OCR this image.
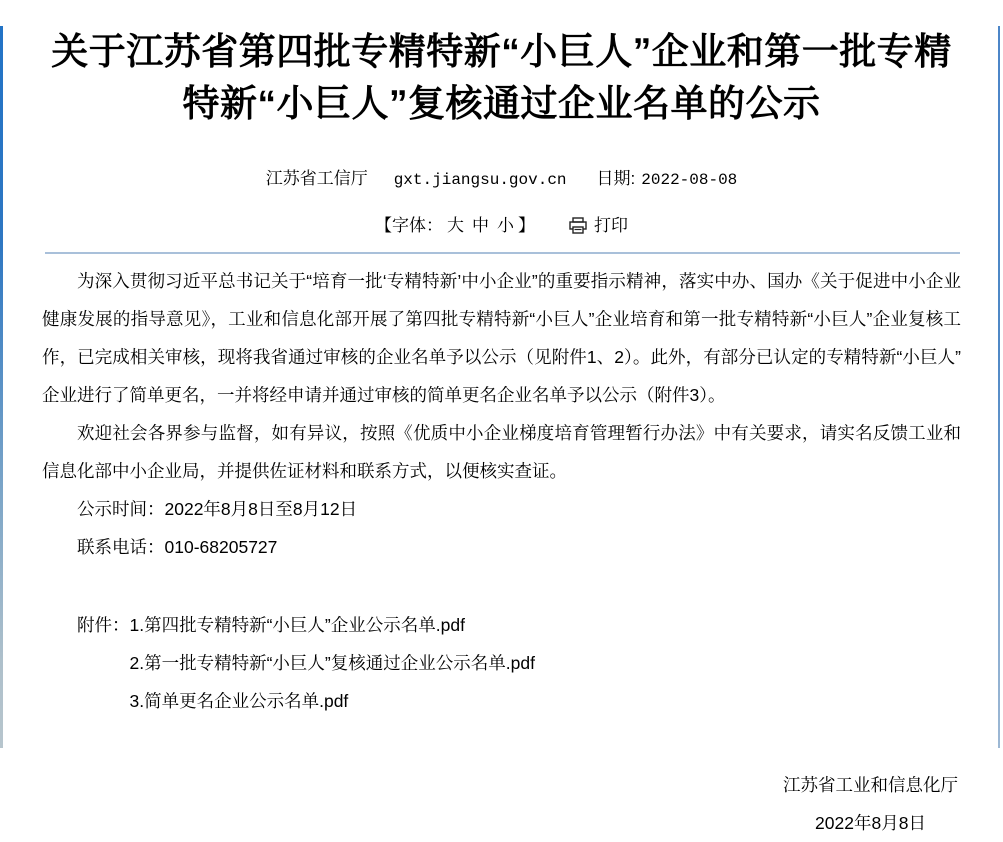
关于江苏省第四批专精特新“小巨人”企业和第一批专精特新“小巨人”复核通过企业名单的公示
江苏省工信厅 gxt.jiangsu.gov.cn 日期: 2022-08-08
【字体： 大 中 小 】	打印

为深入贯彻习近平总书记关于“培育一批‘专精特新’中小企业”的重要指示精神，落实中办、国办《关于促进中小企业健康发展的指导意见》，工业和信息化部开展了第四批专精特新“小巨人”企业培育和第一批专精特新“小巨人”企业复核工作，已完成相关审核，现将我省通过审核的企业名单予以公示（见附件1、2）。此外，有部分已认定的专精特新“小巨人”企业进行了简单更名，一并将经申请并通过审核的简单更名企业名单予以公示（附件3）。

欢迎社会各界参与监督，如有异议，按照《优质中小企业梯度培育管理暂行办法》中有关要求，请实名反馈工业和信息化部中小企业局，并提供佐证材料和联系方式，以便核实查证。

公示时间：2022年8月8日至8月12日

联系电话：010-68205727

附件： 1.第四批专精特新“小巨人”企业公示名单.pdf
2.第一批专精特新“小巨人”复核通过企业公示名单.pdf
3.简单更名企业公示名单.pdf
江苏省工业和信息化厅
2022年8月8日
